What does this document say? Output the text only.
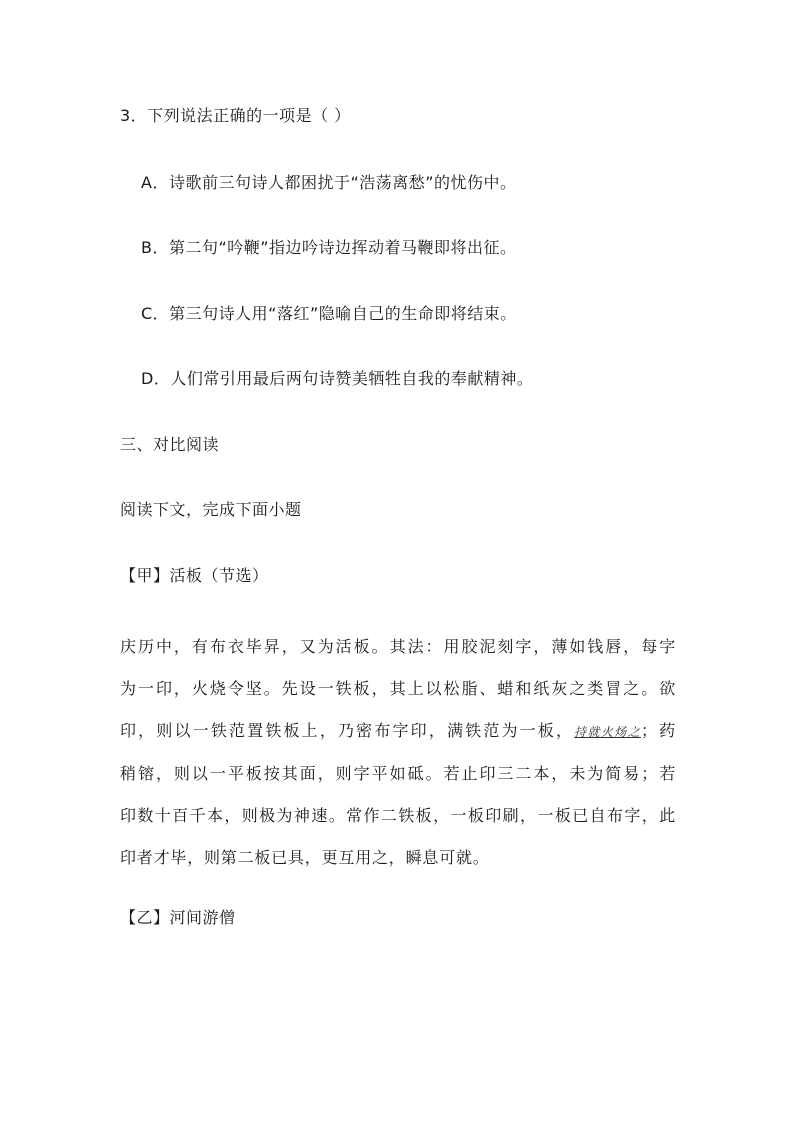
3．下列说法正确的一项是（ ）
A．诗歌前三句诗人都困扰于“浩荡离愁”的忧伤中。
B．第二句“吟鞭”指边吟诗边挥动着马鞭即将出征。
C．第三句诗人用“落红”隐喻自己的生命即将结束。
D．人们常引用最后两句诗赞美牺牲自我的奉献精神。
三、对比阅读
阅读下文，完成下面小题
【甲】活板（节选）
庆历中，有布衣毕昇，又为活板。其法：用胶泥刻字，薄如钱唇，每字
为一印，火烧令坚。先设一铁板，其上以松脂、蜡和纸灰之类冒之。欲
印，则以一铁范置铁板上，乃密布字印，满铁范为一板，持就火炀之；药
稍镕，则以一平板按其面，则字平如砥。若止印三二本，未为简易；若
印数十百千本，则极为神速。常作二铁板，一板印刷，一板已自布字，此
印者才毕，则第二板已具，更互用之，瞬息可就。
【乙】河间游僧
